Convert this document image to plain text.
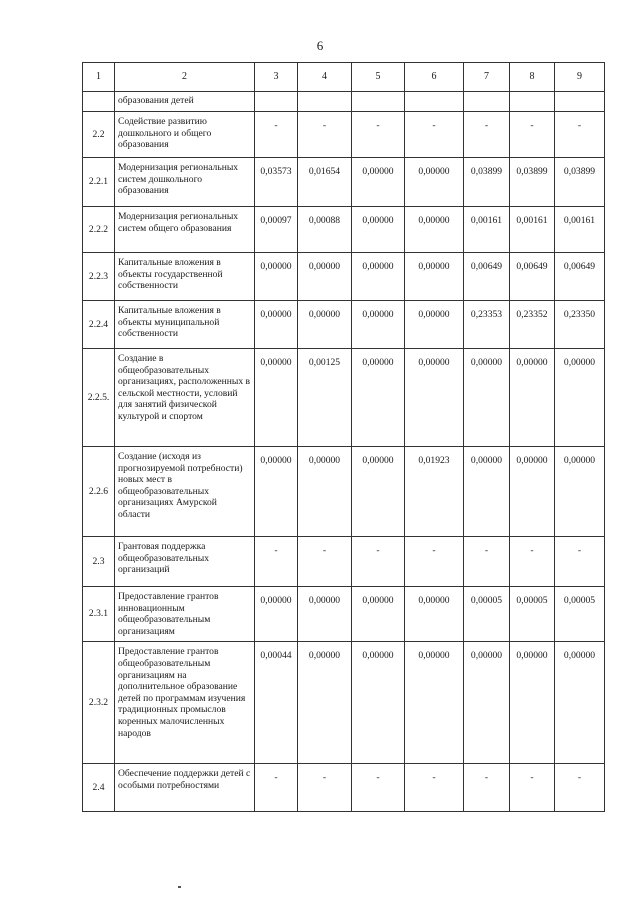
6
1	2	3	4	5	6	7	8	9
	образования детей							
2.2	Содействие развитию дошкольного и общего образования	-	-	-	-	-	-	-
2.2.1	Модернизация региональных систем дошкольного образования	0,03573	0,01654	0,00000	0,00000	0,03899	0,03899	0,03899
2.2.2	Модернизация региональных систем общего образования	0,00097	0,00088	0,00000	0,00000	0,00161	0,00161	0,00161
2.2.3	Капитальные вложения в объекты государственной собственности	0,00000	0,00000	0,00000	0,00000	0,00649	0,00649	0,00649
2.2.4	Капитальные вложения в объекты муниципальной собственности	0,00000	0,00000	0,00000	0,00000	0,23353	0,23352	0,23350
2.2.5.	Создание в общеобразовательных организациях, расположенных в сельской местности, условий для занятий физической культурой и спортом	0,00000	0,00125	0,00000	0,00000	0,00000	0,00000	0,00000
2.2.6	Создание (исходя из прогнозируемой потребности) новых мест в общеобразовательных организациях Амурской области	0,00000	0,00000	0,00000	0,01923	0,00000	0,00000	0,00000
2.3	Грантовая поддержка общеобразовательных организаций	-	-	-	-	-	-	-
2.3.1	Предоставление грантов инновационным общеобразовательным организациям	0,00000	0,00000	0,00000	0,00000	0,00005	0,00005	0,00005
2.3.2	Предоставление грантов общеобразовательным организациям на дополнительное образование детей по программам изучения традиционных промыслов коренных малочисленных народов	0,00044	0,00000	0,00000	0,00000	0,00000	0,00000	0,00000
2.4	Обеспечение поддержки детей с особыми потребностями	-	-	-	-	-	-	-
